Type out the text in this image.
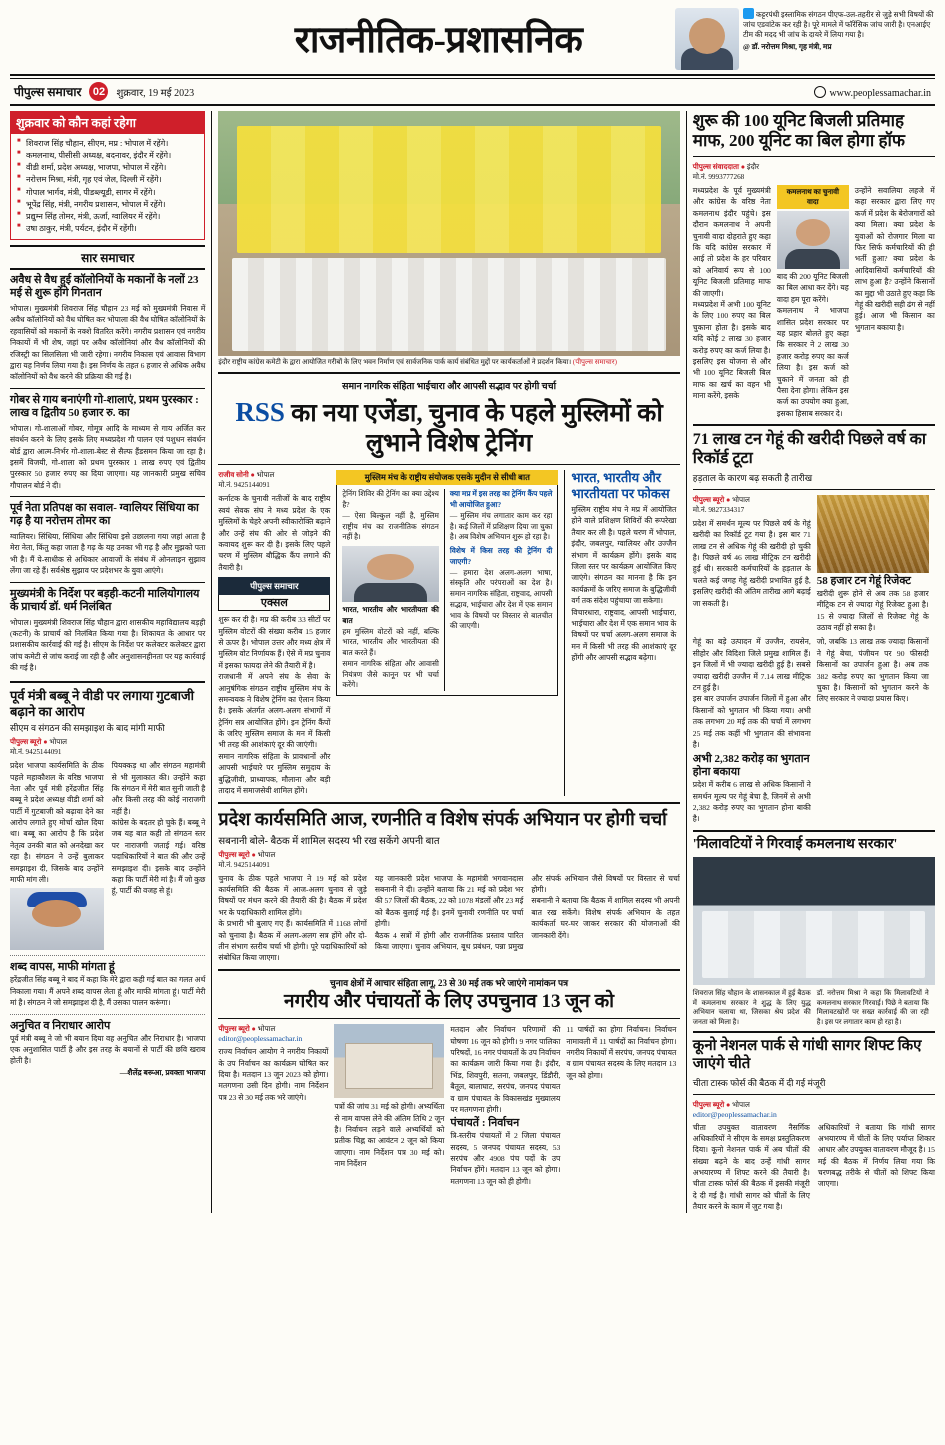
राजनीतिक-प्रशासनिक
कट्टरपंथी इस्लामिक संगठन पीएफ-उल-तहरीर से जुड़े सभी विषयों की जांच एडवांटेक कर रही है। पूरे मामले में फॉरेंसिक जांच जारी है। एनआईए टीम की मदद भी जांच के दायरे में लिया गया है।
@ डॉ. नरोत्तम मिश्रा, गृह मंत्री, मप्र
पीपुल्स समाचार	02	शुक्रवार, 19 मई 2023	www.peoplessamachar.in
शुक्रवार को कौन कहां रहेगा
■ शिवराज सिंह चौहान, सीएम, मप्र : भोपाल में रहेंगे।
■ कमलनाथ, पीसीसी अध्यक्ष, बदनावर, इंदौर में रहेंगे।
■ वीडी शर्मा, प्रदेश अध्यक्ष, भाजपा, भोपाल में रहेंगे।
■ नरोत्तम मिश्रा, मंत्री, गृह एवं जेल, दिल्ली में रहेंगे।
■ गोपाल भार्गव, मंत्री, पीडब्ल्यूडी, सागर में रहेंगे।
■ भूपेंद्र सिंह, मंत्री, नगरीय प्रशासन, भोपाल में रहेंगे।
■ प्रद्युम्न सिंह तोमर, मंत्री, ऊर्जा, ग्वालियर में रहेंगे।
■ उषा ठाकुर, मंत्री, पर्यटन, इंदौर में रहेंगी।
सार समाचार
अवैध से वैध हुई कॉलोनियों के मकानों के नलों 23 मई से शुरू होंगे गिनतान
भोपाल। मुख्यमंत्री शिवराज सिंह चौहान 23 मई को मुख्यमंत्री निवास में अवैध कॉलोनियों को वैध घोषित कर भोपाला की वैध घोषित कॉलोनियों के रहवासियों को मकानों के नक्शे वितरित करेंगे। नगरीय प्रशासन एवं नगरीय निकायों में भी शेष, जहां पर अवैध कॉलोनियां और वैध कॉलोनियों की रजिस्ट्री का सिलसिला भी जारी रहेगा। नगरीय निकास एवं आवास विभाग द्वारा यह निर्णय लिया गया है। इस निर्णय के तहत 6 हजार से अधिक अवैध कॉलोनियों को वैध करने की प्रक्रिया की गई है।
गोबर से गाय बनाएंगी गो-शालाएं, प्रथम पुरस्कार : लाख व द्वितीय 50 हजार रु. का
भोपाल। गो-शालाओं गोबर, गोमूत्र आदि के माध्यम से गाय अर्जित कर संवर्धन करने के लिए इसके लिए मध्यप्रदेश गौ पालन एवं पशुधन संवर्धन बोर्ड द्वारा आत्म-निर्भर गो-शाला-बेस्ट से सैल्फ हैंडसमन किया जा रहा है। इसमें विजयी, गो-शाला को प्रथम पुरस्कार 1 लाख रुपए एवं द्वितीय पुरस्कार 50 हजार रुपए का दिया जाएगा। यह जानकारी प्रमुख सचिव गौपालन बोर्ड ने दी।
पूर्व नेता प्रतिपक्ष का सवाल- ग्वालियर सिंधिया का गढ़ है या नरोत्तम तोमर का
ग्वालियर। सिंधिया, सिंधिया और सिंधिया इसे उछालना गया जहां आता है मेरा नेता, किंतु कहा जाता है गढ़ के यह उनका भी गढ़ है और मुझको पता भी है। मैं ये-साधीक से अधिकार आवाजों के संबंध में ओनलाइन सुझाव लेंगा जा रहे हैं। सर्वश्रेष्ठ सुझाव पर प्रदेशभर के युवा आएंगे।
मुख्यमंत्री के निर्देश पर बड़ही-कटनी मालियोगालय के प्राचार्य डॉ. धर्म निलंबित
भोपाल। मुख्यमंत्री शिवराज सिंह चौहान द्वारा शासकीय महाविद्यालय बड़ही (कटनी) के प्राचार्य को निलंबित किया गया है। शिकायत के आधार पर प्रशासकीय कार्रवाई की गई है। सीएम के निर्देश पर कलेक्टर कलेक्टर द्वारा जांच कमेटी से जांच कराई जा रही है और अनुशासनहीनता पर यह कार्रवाई की गई है।
पूर्व मंत्री बब्बू ने वीडी पर लगाया गुटबाजी बढ़ाने का आरोप
सीएम व संगठन की समझाइश के बाद मांगी माफी
पीपुल्स ब्यूरो ● भोपाल
मो.नं. 9425144091
प्रदेश भाजपा कार्यसमिति के ठीक पहले महाकौशल के वरिष्ठ भाजपा नेता और पूर्व मंत्री हरेंद्रजीत सिंह बब्बू ने प्रदेश अध्यक्ष वीडी शर्मा को पार्टी में गुटबाजी को बढ़ावा देने का आरोप लगाते हुए मोर्चा खोल दिया था। बब्बू का आरोप है कि प्रदेश नेतृत्व उनकी बात को अनदेखा कर रहा है। संगठन ने उन्हें बुलाकर समझाइश दी, जिसके बाद उन्होंने माफी मांग ली।
पियक्कड़ था और संगठन महामंत्री से भी मुलाकात की। उन्होंने कहा कि संगठन में मेरी बात सुनी जाती है और किसी तरह की कोई नाराजगी नहीं है।
कांग्रेस के बदतर हो चुके हैं। बब्बू ने जब यह बात कही तो संगठन स्तर पर नाराजगी जताई गई। वरिष्ठ पदाधिकारियों ने बात की और उन्हें समझाइश दी। इसके बाद उन्होंने कहा कि पार्टी मेरी मां है। मैं जो कुछ हूं, पार्टी की वजह से हूं।
शब्द वापस, माफी मांगता हूं
हरेंद्रजीत सिंह बब्बू ने बाद में कहा कि मेरे द्वारा कही गई बात का गलत अर्थ निकाला गया। मैं अपने शब्द वापस लेता हूं और माफी मांगता हूं। पार्टी मेरी मां है। संगठन ने जो समझाइश दी है, मैं उसका पालन करूंगा।
अनुचित व निराधार आरोप
पूर्व मंत्री बब्बू ने जो भी बयान दिया वह अनुचित और निराधार है। भाजपा एक अनुशासित पार्टी है और इस तरह के बयानों से पार्टी की छवि खराब होती है।
—शैलेंद्र बरूआ, प्रवक्ता भाजपा
इंदौर राष्ट्रीय कांग्रेस कमेटी के द्वारा आयोजित गरीबों के लिए भवन निर्माण एवं सार्वजनिक पार्क कार्य संबंधित मुद्दों पर कार्यकर्ताओं ने प्रदर्शन किया। (पीपुल्स समाचार)
समान नागरिक संहिता भाईचारा और आपसी सद्भाव पर होगी चर्चा
RSS का नया एजेंडा, चुनाव के पहले मुस्लिमों को लुभाने विशेष ट्रेनिंग
राजीव सोनी ● भोपाल
मो.नं. 9425144091
कर्नाटक के चुनावी नतीजों के बाद राष्ट्रीय स्वयं सेवक संघ ने मध्य प्रदेश के एक मुस्लिमों के चेहरे अपनी स्वीकारोक्ति बढ़ाने और उन्हें संघ की ओर से जोड़ने की कवायद शुरू कर दी है। इसके लिए पहले चरण में मुस्लिम बौद्धिक कैंप लगाने की तैयारी है।
पीपुल्स समाचार
एक्सल
शुरू कर दी है। मप्र की करीब 33 सीटों पर मुस्लिम वोटरों की संख्या करीब 15 हजार से ऊपर है। भोपाल उत्तर और मध्य क्षेत्र में मुस्लिम वोट निर्णायक हैं। ऐसे में मप्र चुनाव में इसका फायदा लेने की तैयारी में है।
राजधानी में अपने संघ के सेवा के आनुषंगिक संगठन राष्ट्रीय मुस्लिम मंच के समन्वयक ने विशेष ट्रेनिंग का ऐलान किया है। इसके अंतर्गत अलग-अलग संभागों में ट्रेनिंग सत्र आयोजित होंगे। इन ट्रेनिंग कैंपों के जरिए मुस्लिम समाज के मन में किसी भी तरह की आशंकाएं दूर की जाएंगी।
समान नागरिक संहिता के प्रावधानों और आपसी भाईचारे पर मुस्लिम समुदाय के बुद्धिजीवी, प्राध्यापक, मौलाना और बड़ी तादाद में समाजसेवी शामिल होंगे।
मुस्लिम मंच के राष्ट्रीय संयोजक एसके मुदीन से सीधी बात
ट्रेनिंग शिविर की ट्रेनिंग का क्या उद्देश्य है?
— ऐसा बिल्कुल नहीं है, मुस्लिम राष्ट्रीय मंच का राजनीतिक संगठन नहीं है।
भारत, भारतीय और भारतीयता की बात
हम मुस्लिम वोटरों को नहीं, बल्कि भारत, भारतीय और भारतीयता की बात करते हैं।
समान नागरिक संहिता और आवासी नियंत्रण जैसे कानून पर भी चर्चा करेंगे।
क्या मप्र में इस तरह का ट्रेनिंग कैंप पहले भी आयोजित हुआ?
— मुस्लिम मंच लगातार काम कर रहा है। कई जिलों में प्रशिक्षण दिया जा चुका है। अब विशेष अभियान शुरू हो रहा है।
विशेष में किस तरह की ट्रेनिंग दी जाएगी?
— हमारा देश अलग-अलग भाषा, संस्कृति और परंपराओं का देश है। समान नागरिक संहिता, राष्ट्रवाद, आपसी सद्भाव, भाईचारा और देश में एक समान भाव के विषयों पर विस्तार से बातचीत की जाएगी।
भारत, भारतीय और भारतीयता पर फोकस
मुस्लिम राष्ट्रीय मंच ने मप्र में आयोजित होने वाले प्रशिक्षण शिविरों की रूपरेखा तैयार कर ली है। पहले चरण में भोपाल, इंदौर, जबलपुर, ग्वालियर और उज्जैन संभाग में कार्यक्रम होंगे। इसके बाद जिला स्तर पर कार्यक्रम आयोजित किए जाएंगे। संगठन का मानना है कि इन कार्यक्रमों के जरिए समाज के बुद्धिजीवी वर्ग तक संदेश पहुंचाया जा सकेगा।
विचारधारा, राष्ट्रवाद, आपसी भाईचारा, भाईचारा और देश में एक समान भाव के विषयों पर चर्चा अलग-अलग समाज के मन में किसी भी तरह की आशंकाएं दूर होंगी और आपसी सद्भाव बढ़ेगा।
प्रदेश कार्यसमिति आज, रणनीति व विशेष संपर्क अभियान पर होगी चर्चा
सबनानी बोले- बैठक में शामिल सदस्य भी रख सकेंगे अपनी बात
पीपुल्स ब्यूरो ● भोपाल
मो.नं. 9425144091
चुनाव के ठीक पहले भाजपा ने 19 मई को प्रदेश कार्यसमिति की बैठक में आज-अलग चुनाव से जुड़े विषयों पर मंथन करने की तैयारी की है। बैठक में प्रदेश भर के पदाधिकारी शामिल होंगे।
के प्रभारी भी बुलाए गए हैं। कार्यसमिति में 1168 लोगों को चुनावा है। बैठक में अलग-अलग सत्र होंगे और दो-तीन संभाग स्तरीय चर्चा भी होगी। पूरे पदाधिकारियों को संबोधित किया जाएगा।
यह जानकारी प्रदेश भाजपा के महामंत्री भगवानदास सबनानी ने दी। उन्होंने बताया कि 21 मई को प्रदेश भर की 57 जिलों की बैठक, 22 को 1078 मंडलों और 23 मई को बैठक बुलाई गई है। इनमें चुनावी रणनीति पर चर्चा होगी।
बैठक 4 सत्रों में होगी और राजनीतिक प्रस्ताव पारित किया जाएगा। चुनाव अभियान, बूथ प्रबंधन, पन्ना प्रमुख और संपर्क अभियान जैसे विषयों पर विस्तार से चर्चा होगी।
सबनानी ने बताया कि बैठक में शामिल सदस्य भी अपनी बात रख सकेंगे। विशेष संपर्क अभियान के तहत कार्यकर्ता घर-घर जाकर सरकार की योजनाओं की जानकारी देंगे।
चुनाव क्षेत्रों में आचार संहिता लागू, 23 से 30 मई तक भरे जाएंगे नामांकन पत्र
नगरीय और पंचायतों के लिए उपचुनाव 13 जून को
पीपुल्स ब्यूरो ● भोपाल
editor@peoplessamachar.in
राज्य निर्वाचन आयोग ने नगरीय निकायों के उप निर्वाचन का कार्यक्रम घोषित कर दिया है। मतदान 13 जून 2023 को होगा। मतगणना उसी दिन होगी। नाम निर्देशन पत्र 23 से 30 मई तक भरे जाएंगे।
पत्रों की जांच 31 मई को होगी। अभ्यर्थिता से नाम वापस लेने की अंतिम तिथि 2 जून है। निर्वाचन लड़ने वाले अभ्यर्थियों को प्रतीक चिह्न का आवंटन 2 जून को किया जाएगा। नाम निर्देशन पत्र 30 मई को। नाम निर्देशन
मतदान और निर्वाचन परिणामों की घोषणा 16 जून को होगी। 9 नगर पालिका परिषदों, 16 नगर पंचायतों के उप निर्वाचन का कार्यक्रम जारी किया गया है। इंदौर, भिंड, शिवपुरी, सतना, जबलपुर, डिंडौरी, बैतूल, बालाघाट, सरपंच, जनपद पंचायत व ग्राम पंचायत के विकासखंड मुख्यालय पर मतगणना होगी।
पंचायतें : निर्वाचन
त्रि-स्तरीय पंचायतों में 2 जिला पंचायत सदस्य, 5 जनपद पंचायत सदस्य, 53 सरपंच और 4908 पंच पदों के उप निर्वाचन होंगे। मतदान 13 जून को होगा। मतगणना 13 जून को ही होगी।
11 पार्षदों का होगा निर्वाचन। निर्वाचन नामावली में 11 पार्षदों का निर्वाचन होगा। नगरीय निकायों में सरपंच, जनपद पंचायत व ग्राम पंचायत सदस्य के लिए मतदान 13 जून को होगा।
शुरू की 100 यूनिट बिजली प्रतिमाह माफ, 200 यूनिट का बिल होगा हॉफ
पीपुल्स संवाददाता ● इंदौर
मो.नं. 9993777268
मध्यप्रदेश के पूर्व मुख्यमंत्री और कांग्रेस के वरिष्ठ नेता कमलनाथ इंदौर पहुंचे। इस दौरान कमलनाथ ने अपनी चुनावी वादा दोहराते हुए कहा कि यदि कांग्रेस सरकार में आई तो प्रदेश के हर परिवार को अनिवार्य रूप से 100 यूनिट बिजली प्रतिमाह माफ की जाएगी।
मध्यप्रदेश में अभी 100 यूनिट के लिए 100 रुपए का बिल चुकाना होता है। इसके बाद यदि कोई 2 लाख 30 हजार करोड़ रुपए का कर्ज लिया है। इसलिए इस योजना से और भी 100 यूनिट बिजली बिल माफ का खर्च का वहन भी माना करेंगे, इसके
कमलनाथ का चुनावी वादा
बाद की 200 यूनिट बिजली का बिल आधा कर देंगे। यह वादा हम पूरा करेंगे।
कमलनाथ ने भाजपा शासित प्रदेश सरकार पर यह प्रहार बोलते हुए कहा कि सरकार ने 2 लाख 30 हजार करोड़ रुपए का कर्ज लिया है। इस कर्ज को चुकाने में जनता को ही पैसा देना होगा। लेकिन इस कर्ज का उपयोग क्या हुआ, इसका हिसाब सरकार दे।
उन्होंने सवालिया लहजे में कहा सरकार द्वारा लिए गए कर्ज में प्रदेश के बेरोजगारों को क्या मिला। क्या प्रदेश के युवाओं को रोजगार मिला या फिर सिर्फ कर्मचारियों की ही भर्ती हुआ? क्या प्रदेश के आदिवासियों कर्मचारियों की लाभ हुआ है? उन्होंने किसानों का मुद्दा भी उठाते हुए कहा कि गेहूं की खरीदी सही ढंग से नहीं हुई। आज भी किसान का भुगतान बकाया है।
71 लाख टन गेहूं की खरीदी पिछले वर्ष का रिकॉर्ड टूटा
हड़ताल के कारण बढ़ सकती है तारीख
पीपुल्स ब्यूरो ● भोपाल
मो.नं. 9827334317
प्रदेश में समर्थन मूल्य पर पिछले वर्ष के गेहूं खरीदी का रिकॉर्ड टूट गया है। इस बार 71 लाख टन से अधिक गेहूं की खरीदी हो चुकी है। पिछले वर्ष 46 लाख मीट्रिक टन खरीदी हुई थी। सरकारी कर्मचारियों के हड़ताल के चलते कई जगह गेहूं खरीदी प्रभावित हुई है, इसलिए खरीदी की अंतिम तारीख आगे बढ़ाई जा सकती है।
58 हजार टन गेहूं रिजेक्ट
खरीदी शुरू होने से अब तक 58 हजार मीट्रिक टन से ज्यादा गेहूं रिजेक्ट हुआ है। 15 से ज्यादा जिलों से रिजेक्ट गेहूं के उठाव नहीं हो सका है।
गेहूं का बड़े उत्पादन में उज्जैन, रायसेन, सीहोर और विदिशा जिले प्रमुख शामिल हैं। इन जिलों में भी ज्यादा खरीदी हुई है। सबसे ज्यादा खरीदी उज्जैन में 7.14 लाख मीट्रिक टन हुई है।
इस बार उपार्जन उपार्जन जिलों में हुआ और किसानों को भुगतान भी किया गया। अभी तक लगभग 20 मई तक की चर्चा में लगभग 25 मई तक कहीं भी भुगतान की संभावना है।
अभी 2,382 करोड़ का भुगतान होना बकाया
प्रदेश में करीब 6 लाख से अधिक किसानों ने समर्थन मूल्य पर गेहूं बेचा है, जिनमें से अभी 2,382 करोड़ रुपए का भुगतान होना बाकी है।
जो, जबकि 13 लाख तक ज्यादा किसानों ने गेहूं बेचा, पंजीयन पर 90 फीसदी किसानों का उपार्जन हुआ है। अब तक 382 करोड़ रुपए का भुगतान किया जा चुका है। किसानों को भुगतान करने के लिए सरकार ने ज्यादा प्रयास किए।
'मिलावटियों ने गिरवाई कमलनाथ सरकार'
शिवराज सिंह चौहान के शासनकाल में हुई बैठक में कमलनाथ सरकार ने शुद्ध के लिए युद्ध अभियान चलाया था, जिसका श्रेय प्रदेश की जनता को मिला है।
डॉ. नरोत्तम मिश्रा ने कहा कि मिलावटियों ने कमलनाथ सरकार गिरवाई। पिछे ने बताया कि मिलावटखोरों पर सख्त कार्रवाई की जा रही है। इस पर लगातार काम हो रहा है।
कूनो नेशनल पार्क से गांधी सागर शिफ्ट किए जाएंगे चीते
चीता टास्क फोर्स की बैठक में दी गई मंजूरी
पीपुल्स ब्यूरो ● भोपाल
editor@peoplessamachar.in
चीता उपयुक्त वातावरण नैसर्गिक अधिकारियों ने सीएम के समक्ष प्रस्तुतिकरण दिया। कूनो नेशनल पार्क में अब चीतों की संख्या बढ़ने के बाद उन्हें गांधी सागर अभयारण्य में शिफ्ट करने की तैयारी है। चीता टास्क फोर्स की बैठक में इसकी मंजूरी दे दी गई है। गांधी सागर को चीतों के लिए तैयार करने के काम में जुट गया है।
अधिकारियों ने बताया कि गांधी सागर अभयारण्य में चीतों के लिए पर्याप्त शिकार आधार और उपयुक्त वातावरण मौजूद है। 15 मई की बैठक में निर्णय लिया गया कि चरणबद्ध तरीके से चीतों को शिफ्ट किया जाएगा।
